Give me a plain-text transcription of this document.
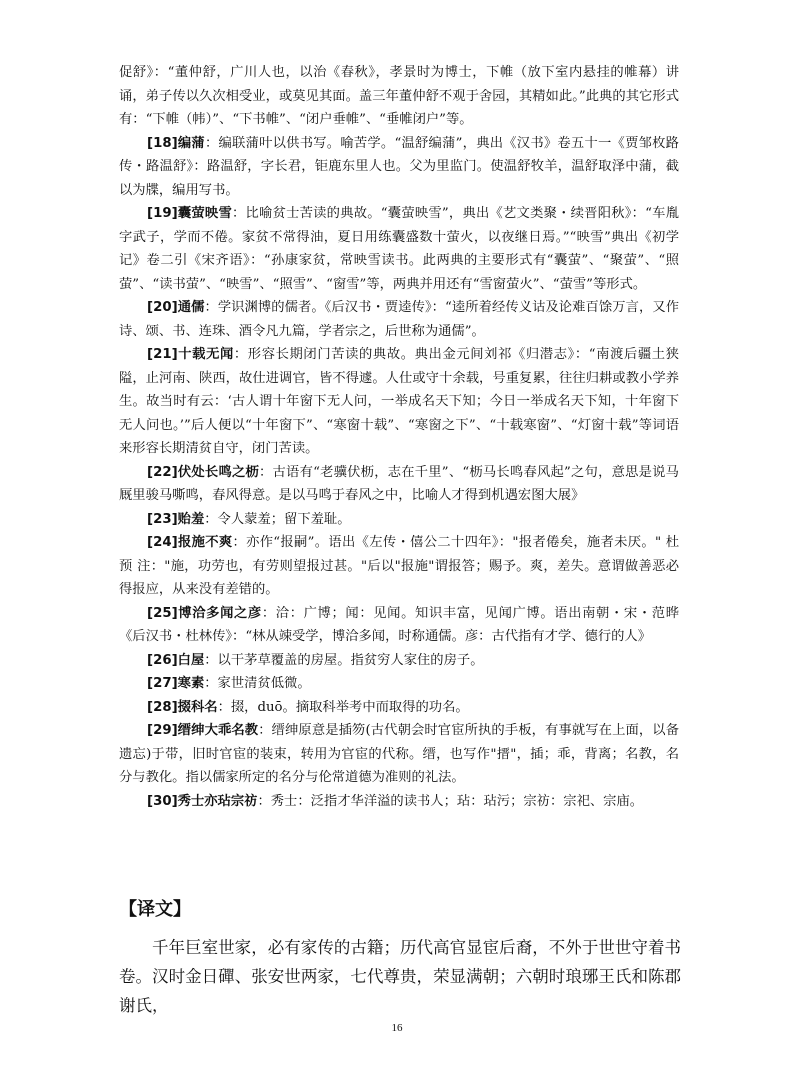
促舒》：“董仲舒，广川人也，以治《春秋》，孝景时为博士，下帷（放下室内悬挂的帷幕）讲诵，弟子传以久次相受业，或莫见其面。盖三年董仲舒不观于舍园，其精如此。”此典的其它形式有：“下帷（帏）”、“下书帷”、“闭户垂帷”、“垂帷闭户”等。

[18]编蒲：编联蒲叶以供书写。喻苦学。“温舒编蒲”，典出《汉书》卷五十一《贾邹枚路传・路温舒》：路温舒，字长君，钜鹿东里人也。父为里监门。使温舒牧羊，温舒取泽中蒲，截以为牒，编用写书。

[19]囊萤映雪：比喻贫士苦读的典故。“囊萤映雪”，典出《艺文类聚・续晋阳秋》：“车胤字武子，学而不倦。家贫不常得油，夏日用练囊盛数十萤火，以夜继日焉。”“映雪”典出《初学记》卷二引《宋齐语》：“孙康家贫，常映雪读书。此两典的主要形式有“囊萤”、“聚萤”、“照萤”、“读书萤”、“映雪”、“照雪”、“窗雪”等，两典并用还有“雪窗萤火”、“萤雪”等形式。

[20]通儒：学识渊博的儒者。《后汉书・贾逵传》：“逵所着经传义诂及论难百馀万言，又作诗、颂、书、连珠、酒令凡九篇，学者宗之，后世称为通儒”。

[21]十载无闻：形容长期闭门苦读的典故。典出金元间刘祁《归潜志》：“南渡后疆土狭隘，止河南、陕西，故仕进调官，皆不得遽。人仕或守十余载，号重复累，往往归耕或教小学养生。故当时有云：‘古人谓十年窗下无人问，一举成名天下知；今日一举成名天下知，十年窗下无人问也。’”后人便以“十年窗下”、“寒窗十载”、“寒窗之下”、“十载寒窗”、“灯窗十载”等词语来形容长期清贫自守，闭门苦读。

[22]伏处长鸣之枥：古语有“老骥伏枥，志在千里”、“枥马长鸣春风起”之句，意思是说马厩里骏马嘶鸣，春风得意。是以马鸣于春风之中，比喻人才得到机遇宏图大展》

[23]贻羞：令人蒙羞；留下羞耻。

[24]报施不爽：亦作“报嗣”。语出《左传・僖公二十四年》："报者倦矣，施者未厌。" 杜预 注："施，功劳也，有劳则望报过甚。"后以"报施"谓报答；赐予。爽，差失。意谓做善恶必得报应，从来没有差错的。

[25]博洽多闻之彦：洽：广博；闻：见闻。知识丰富，见闻广博。语出南朝・宋・范晔《后汉书・杜林传》：“林从竦受学，博洽多闻，时称通儒。彦：古代指有才学、德行的人》

[26]白屋：以干茅草覆盖的房屋。指贫穷人家住的房子。

[27]寒素：家世清贫低微。

[28]掇科名：掇，duō。摘取科举考中而取得的功名。

[29]缙绅大乖名教：缙绅原意是插笏(古代朝会时官宦所执的手板，有事就写在上面，以备遗忘)于带，旧时官宦的装束，转用为官宦的代称。缙，也写作"搢"，插；乖，背离；名教，名分与教化。指以儒家所定的名分与伦常道德为准则的礼法。

[30]秀士亦玷宗祊：秀士：泛指才华洋溢的读书人；玷：玷污；宗祊：宗祀、宗庙。

【译文】

千年巨室世家，必有家传的古籍；历代高官显宦后裔，不外于世世守着书卷。汉时金日磾、张安世两家，七代尊贵，荣显满朝；六朝时琅琊王氏和陈郡谢氏，

16
